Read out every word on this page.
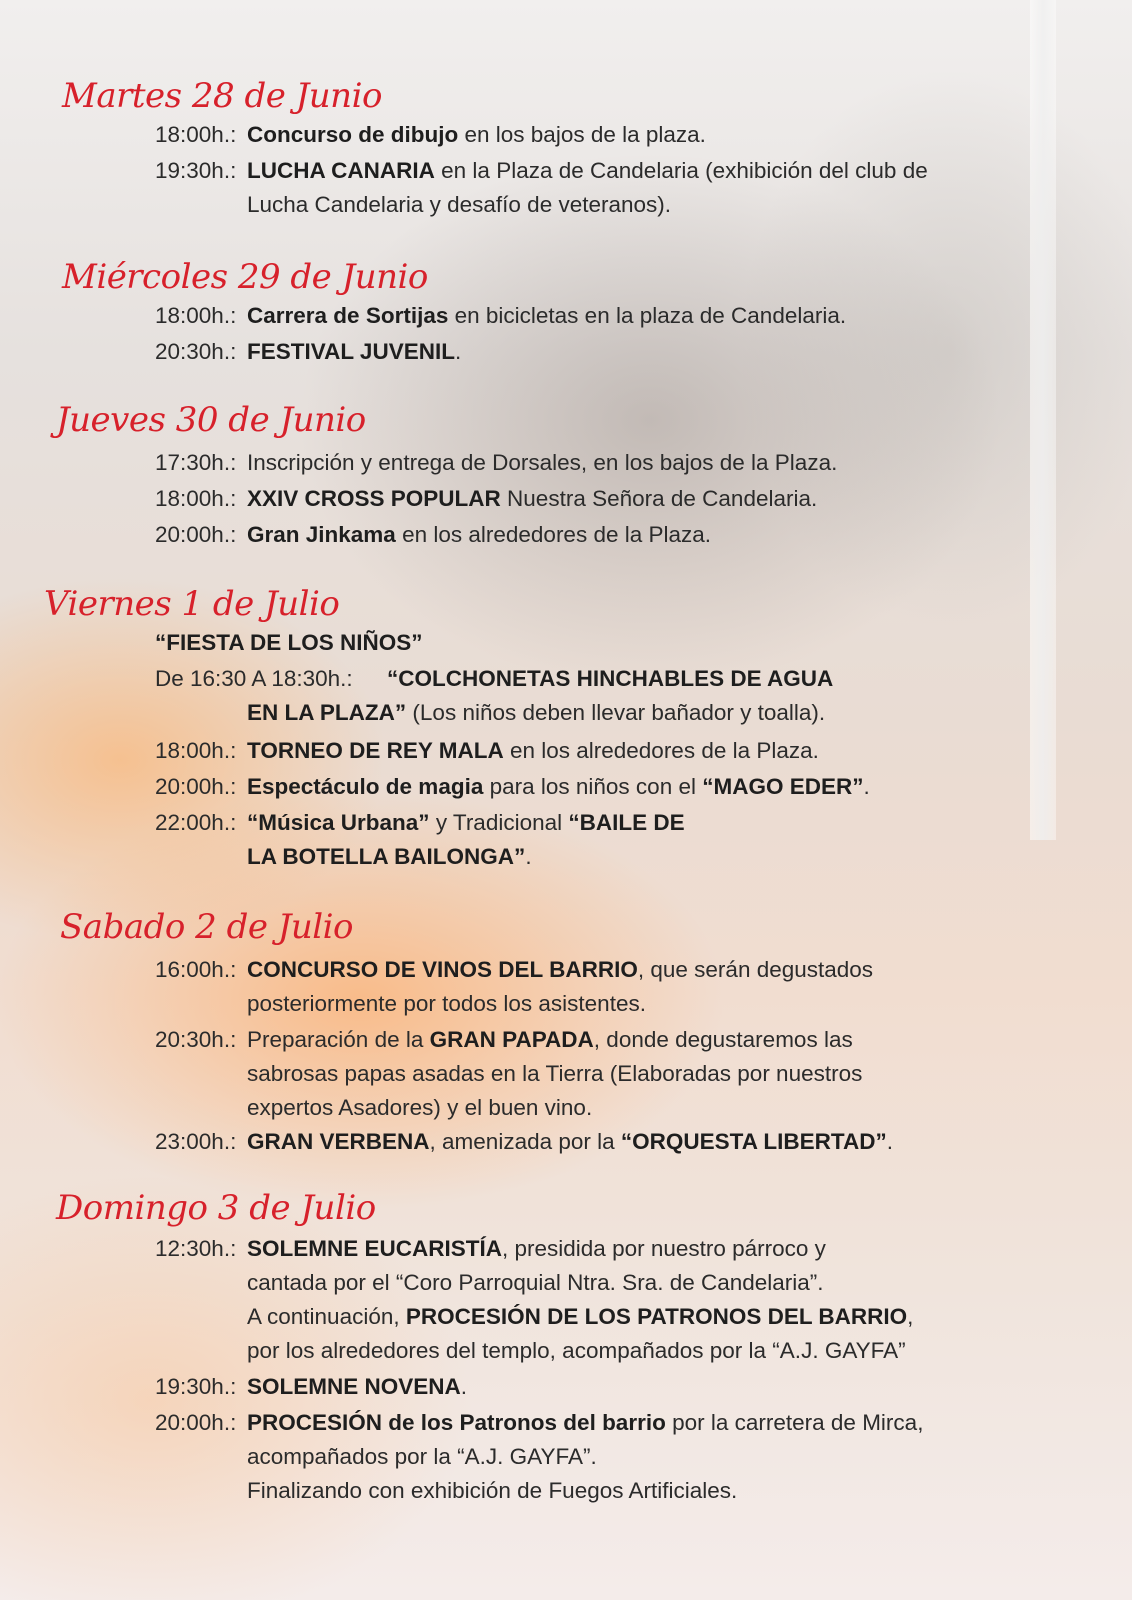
Martes 28 de Junio
18:00h.: Concurso de dibujo en los bajos de la plaza.
19:30h.: LUCHA CANARIA en la Plaza de Candelaria (exhibición del club de
Lucha Candelaria y desafío de veteranos).
Miércoles 29 de Junio
18:00h.: Carrera de Sortijas en bicicletas en la plaza de Candelaria.
20:30h.: FESTIVAL JUVENIL.
Jueves 30 de Junio
17:30h.: Inscripción y entrega de Dorsales, en los bajos de la Plaza.
18:00h.: XXIV CROSS POPULAR Nuestra Señora de Candelaria.
20:00h.: Gran Jinkama en los alrededores de la Plaza.
Viernes 1 de Julio
“FIESTA DE LOS NIÑOS”
De 16:30 A 18:30h.: “COLCHONETAS HINCHABLES DE AGUA
EN LA PLAZA” (Los niños deben llevar bañador y toalla).
18:00h.: TORNEO DE REY MALA en los alrededores de la Plaza.
20:00h.: Espectáculo de magia para los niños con el “MAGO EDER”.
22:00h.: “Música Urbana” y Tradicional “BAILE DE
LA BOTELLA BAILONGA”.
Sabado 2 de Julio
16:00h.: CONCURSO DE VINOS DEL BARRIO, que serán degustados
posteriormente por todos los asistentes.
20:30h.: Preparación de la GRAN PAPADA, donde degustaremos las
sabrosas papas asadas en la Tierra (Elaboradas por nuestros
expertos Asadores) y el buen vino.
23:00h.: GRAN VERBENA, amenizada por la “ORQUESTA LIBERTAD”.
Domingo 3 de Julio
12:30h.: SOLEMNE EUCARISTÍA, presidida por nuestro párroco y
cantada por el “Coro Parroquial Ntra. Sra. de Candelaria”.
A continuación, PROCESIÓN DE LOS PATRONOS DEL BARRIO,
por los alrededores del templo, acompañados por la “A.J. GAYFA”
19:30h.: SOLEMNE NOVENA.
20:00h.: PROCESIÓN de los Patronos del barrio por la carretera de Mirca,
acompañados por la “A.J. GAYFA”.
Finalizando con exhibición de Fuegos Artificiales.
